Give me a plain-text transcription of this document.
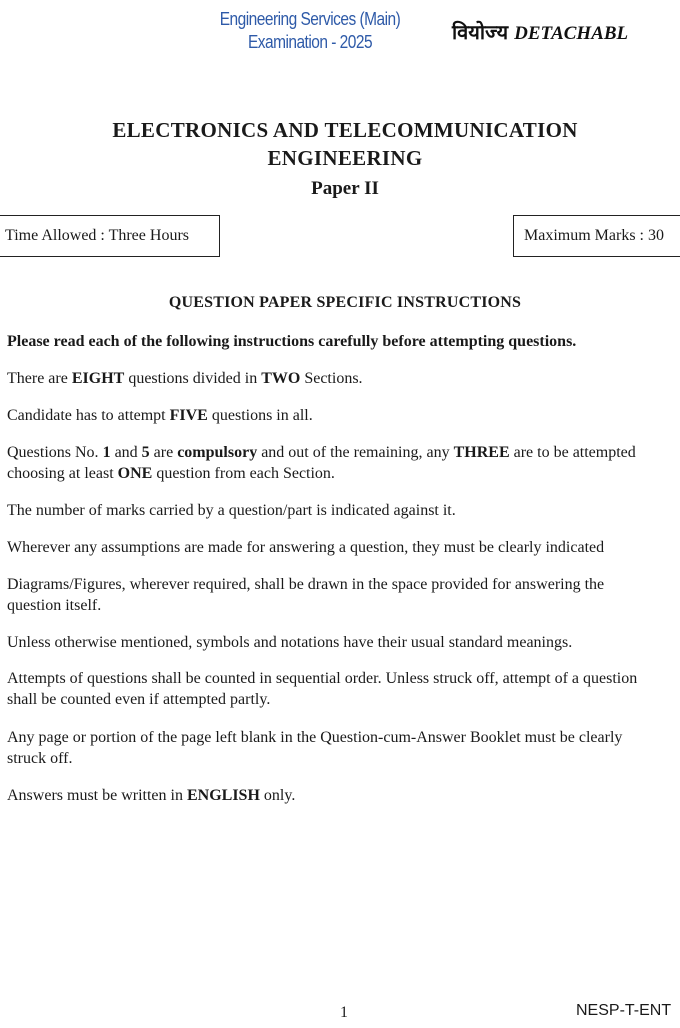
Engineering Services (Main)
Examination - 2025	वियोज्य DETACHABL
ELECTRONICS AND TELECOMMUNICATION
ENGINEERING
Paper II
Time Allowed : Three Hours	Maximum Marks : 30
QUESTION PAPER SPECIFIC INSTRUCTIONS
Please read each of the following instructions carefully before attempting questions.
There are EIGHT questions divided in TWO Sections.
Candidate has to attempt FIVE questions in all.
Questions No. 1 and 5 are compulsory and out of the remaining, any THREE are to be attempted
choosing at least ONE question from each Section.
The number of marks carried by a question/part is indicated against it.
Wherever any assumptions are made for answering a question, they must be clearly indicated
Diagrams/Figures, wherever required, shall be drawn in the space provided for answering the
question itself.
Unless otherwise mentioned, symbols and notations have their usual standard meanings.
Attempts of questions shall be counted in sequential order. Unless struck off, attempt of a question
shall be counted even if attempted partly.
Any page or portion of the page left blank in the Question-cum-Answer Booklet must be clearly
struck off.
Answers must be written in ENGLISH only.
1	NESP-T-ENT
